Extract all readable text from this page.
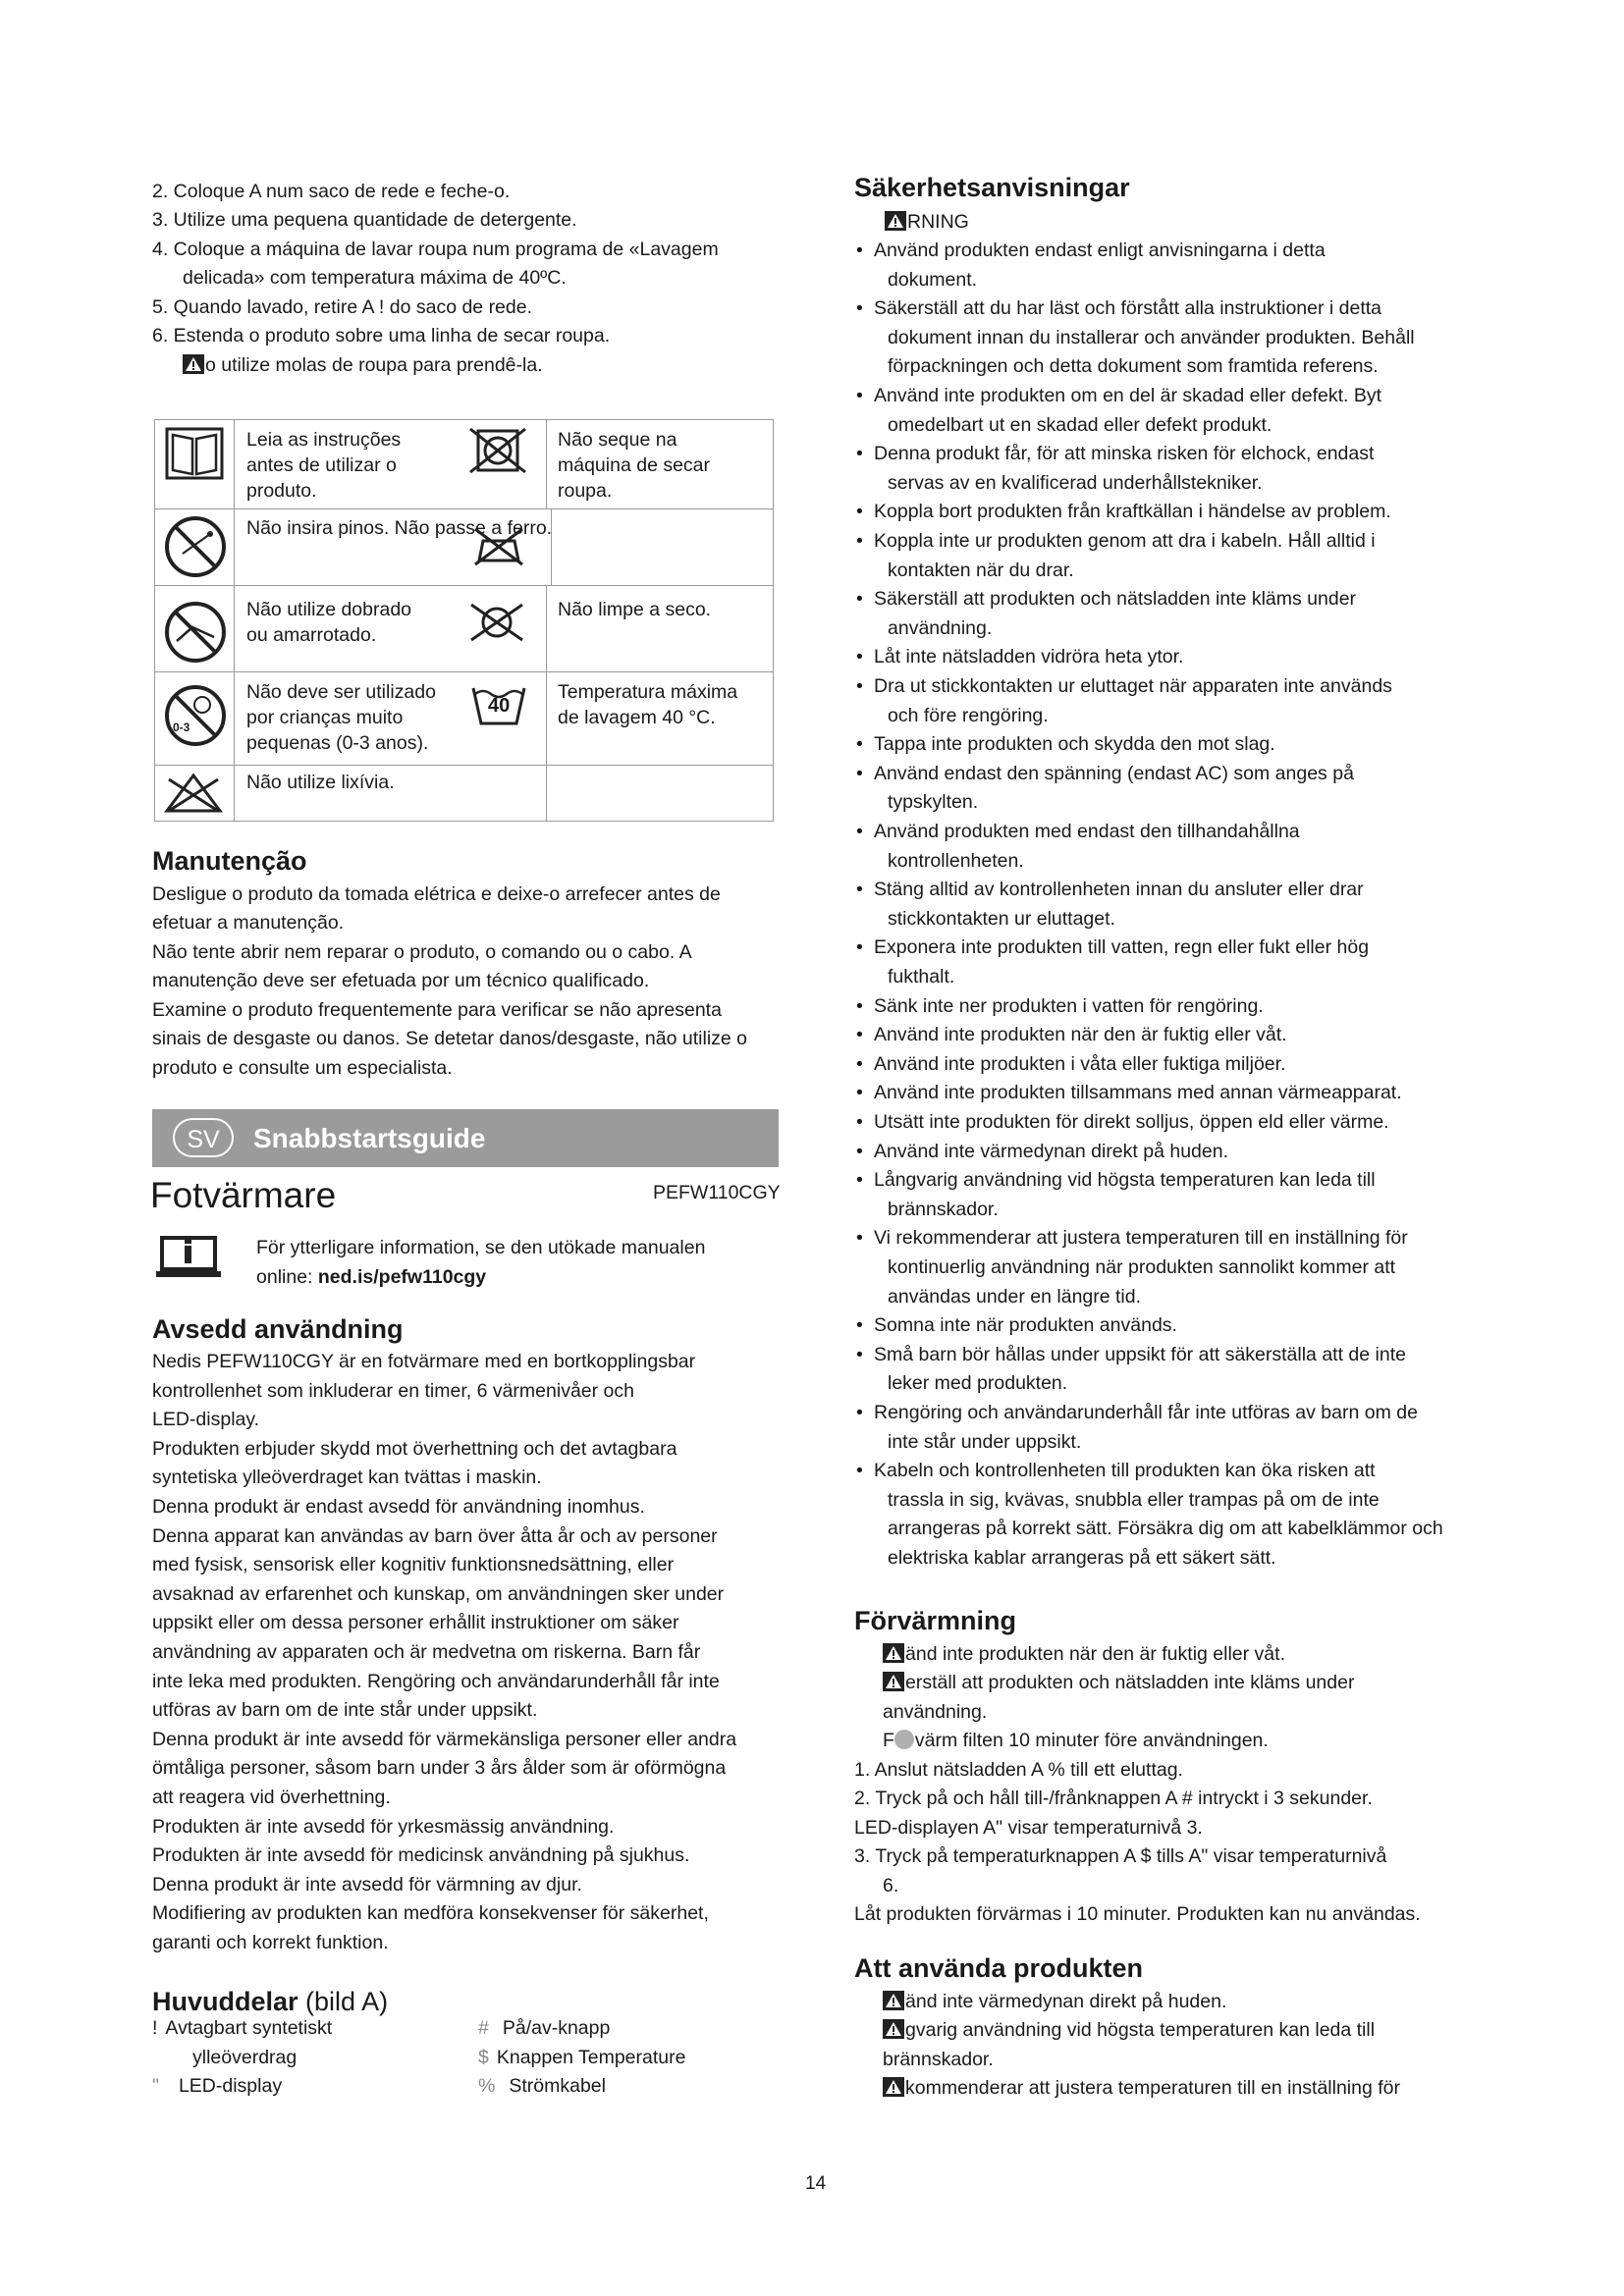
2. Coloque A num saco de rede e feche-o.
3. Utilize uma pequena quantidade de detergente.
4. Coloque a máquina de lavar roupa num programa de «Lavagem
delicada» com temperatura máxima de 40ºC.
5. Quando lavado, retire A ! do saco de rede.
6. Estenda o produto sobre uma linha de secar roupa.
o utilize molas de roupa para prendê-la.
Leia as instruções
antes de utilizar o
produto.
Não seque na
máquina de secar
roupa.
Não insira pinos. Não passe a ferro.
Não utilize dobrado
ou amarrotado.
Não limpe a seco.
0-3
Não deve ser utilizado
por crianças muito
pequenas (0-3 anos).
40
Temperatura máxima
de lavagem 40 °C.
Não utilize lixívia.
Manutenção
Desligue o produto da tomada elétrica e deixe-o arrefecer antes de
efetuar a manutenção.
Não tente abrir nem reparar o produto, o comando ou o cabo. A
manutenção deve ser efetuada por um técnico qualificado.
Examine o produto frequentemente para verificar se não apresenta
sinais de desgaste ou danos. Se detetar danos/desgaste, não utilize o
produto e consulte um especialista.
SV	Snabbstartsguide
Fotvärmare	PEFW110CGY
För ytterligare information, se den utökade manualen
online: ned.is/pefw110cgy
Avsedd användning
Nedis PEFW110CGY är en fotvärmare med en bortkopplingsbar
kontrollenhet som inkluderar en timer, 6 värmenivåer och
LED-display.
Produkten erbjuder skydd mot överhettning och det avtagbara
syntetiska ylleöverdraget kan tvättas i maskin.
Denna produkt är endast avsedd för användning inomhus.
Denna apparat kan användas av barn över åtta år och av personer
med fysisk, sensorisk eller kognitiv funktionsnedsättning, eller
avsaknad av erfarenhet och kunskap, om användningen sker under
uppsikt eller om dessa personer erhållit instruktioner om säker
användning av apparaten och är medvetna om riskerna. Barn får
inte leka med produkten. Rengöring och användarunderhåll får inte
utföras av barn om de inte står under uppsikt.
Denna produkt är inte avsedd för värmekänsliga personer eller andra
ömtåliga personer, såsom barn under 3 års ålder som är oförmögna
att reagera vid överhettning.
Produkten är inte avsedd för yrkesmässig användning.
Produkten är inte avsedd för medicinsk användning på sjukhus.
Denna produkt är inte avsedd för värmning av djur.
Modifiering av produkten kan medföra konsekvenser för säkerhet,
garanti och korrekt funktion.
Huvuddelar (bild A)
! Avtagbart syntetiskt
ylleöverdrag
" LED-display
# På/av-knapp
$ Knappen Temperature
% Strömkabel
Säkerhetsanvisningar
RNING
• Använd produkten endast enligt anvisningarna i detta
dokument.
• Säkerställ att du har läst och förstått alla instruktioner i detta
dokument innan du installerar och använder produkten. Behåll
förpackningen och detta dokument som framtida referens.
• Använd inte produkten om en del är skadad eller defekt. Byt
omedelbart ut en skadad eller defekt produkt.
• Denna produkt får, för att minska risken för elchock, endast
servas av en kvalificerad underhållstekniker.
• Koppla bort produkten från kraftkällan i händelse av problem.
• Koppla inte ur produkten genom att dra i kabeln. Håll alltid i
kontakten när du drar.
• Säkerställ att produkten och nätsladden inte kläms under
användning.
• Låt inte nätsladden vidröra heta ytor.
• Dra ut stickkontakten ur eluttaget när apparaten inte används
och före rengöring.
• Tappa inte produkten och skydda den mot slag.
• Använd endast den spänning (endast AC) som anges på
typskylten.
• Använd produkten med endast den tillhandahållna
kontrollenheten.
• Stäng alltid av kontrollenheten innan du ansluter eller drar
stickkontakten ur eluttaget.
• Exponera inte produkten till vatten, regn eller fukt eller hög
fukthalt.
• Sänk inte ner produkten i vatten för rengöring.
• Använd inte produkten när den är fuktig eller våt.
• Använd inte produkten i våta eller fuktiga miljöer.
• Använd inte produkten tillsammans med annan värmeapparat.
• Utsätt inte produkten för direkt solljus, öppen eld eller värme.
• Använd inte värmedynan direkt på huden.
• Långvarig användning vid högsta temperaturen kan leda till
brännskador.
• Vi rekommenderar att justera temperaturen till en inställning för
kontinuerlig användning när produkten sannolikt kommer att
användas under en längre tid.
• Somna inte när produkten används.
• Små barn bör hållas under uppsikt för att säkerställa att de inte
leker med produkten.
• Rengöring och användarunderhåll får inte utföras av barn om de
inte står under uppsikt.
• Kabeln och kontrollenheten till produkten kan öka risken att
trassla in sig, kvävas, snubbla eller trampas på om de inte
arrangeras på korrekt sätt. Försäkra dig om att kabelklämmor och
elektriska kablar arrangeras på ett säkert sätt.
Förvärmning
änd inte produkten när den är fuktig eller våt.
erställ att produkten och nätsladden inte kläms under
användning.
F värm filten 10 minuter före användningen.
1. Anslut nätsladden A % till ett eluttag.
2. Tryck på och håll till-/frånknappen A # intryckt i 3 sekunder.
LED-displayen A" visar temperaturnivå 3.
3. Tryck på temperaturknappen A $ tills A" visar temperaturnivå
6.
Låt produkten förvärmas i 10 minuter. Produkten kan nu användas.
Att använda produkten
änd inte värmedynan direkt på huden.
gvarig användning vid högsta temperaturen kan leda till
brännskador.
kommenderar att justera temperaturen till en inställning för
14
